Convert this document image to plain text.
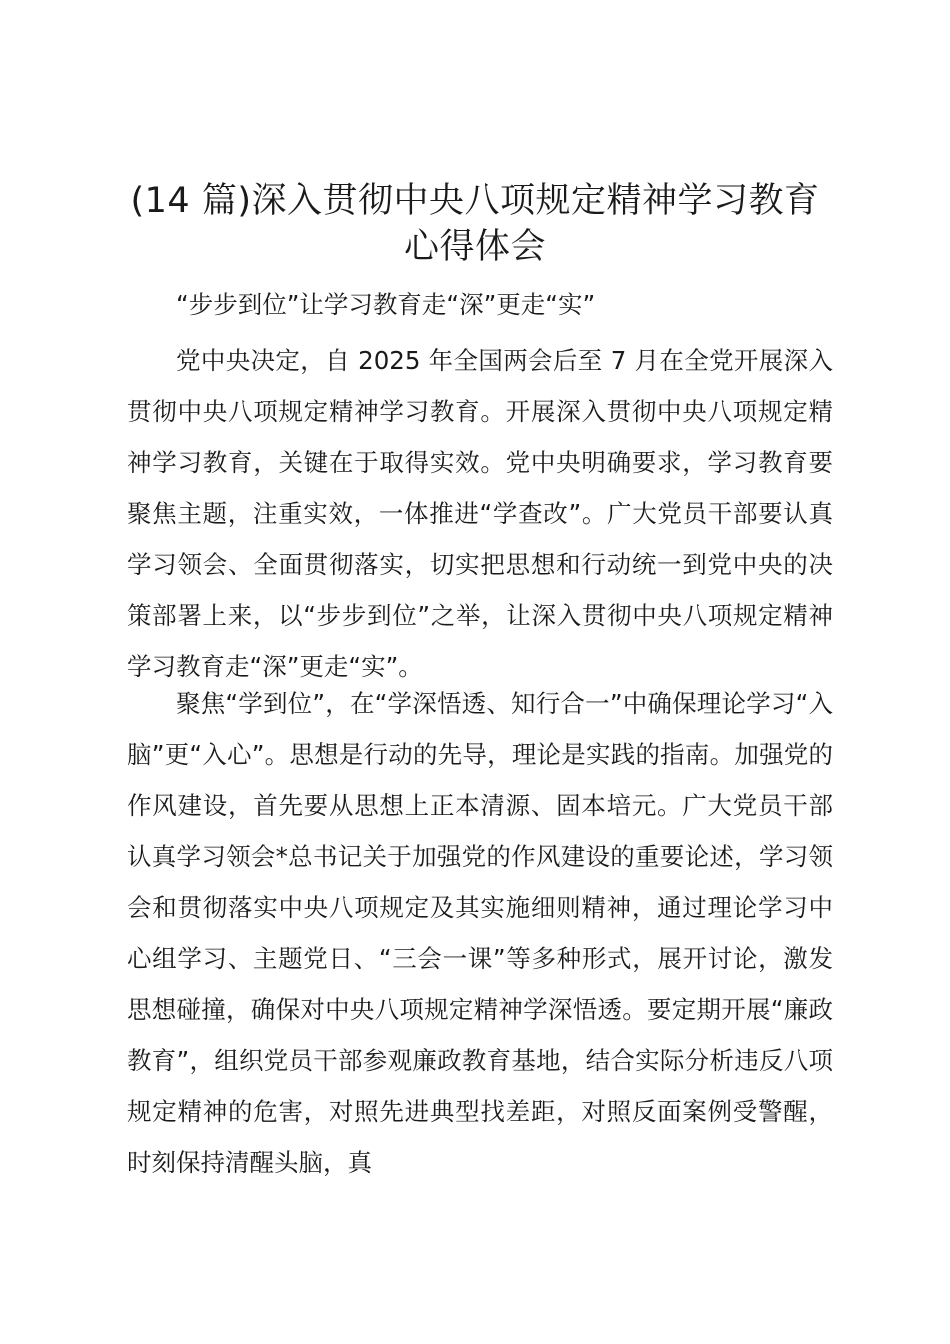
(14 篇)深入贯彻中央八项规定精神学习教育
心得体会
“步步到位”让学习教育走“深”更走“实”

党中央决定，自 2025 年全国两会后至 7 月在全党开展深入贯彻中央八项规定精神学习教育。开展深入贯彻中央八项规定精神学习教育，关键在于取得实效。党中央明确要求，学习教育要聚焦主题，注重实效，一体推进“学查改”。广大党员干部要认真学习领会、全面贯彻落实，切实把思想和行动统一到党中央的决策部署上来，以“步步到位”之举，让深入贯彻中央八项规定精神学习教育走“深”更走“实”。

聚焦“学到位”，在“学深悟透、知行合一”中确保理论学习“入脑”更“入心”。思想是行动的先导，理论是实践的指南。加强党的作风建设，首先要从思想上正本清源、固本培元。广大党员干部认真学习领会*总书记关于加强党的作风建设的重要论述，学习领会和贯彻落实中央八项规定及其实施细则精神，通过理论学习中心组学习、主题党日、“三会一课”等多种形式，展开讨论，激发思想碰撞，确保对中央八项规定精神学深悟透。要定期开展“廉政教育”，组织党员干部参观廉政教育基地，结合实际分析违反八项规定精神的危害，对照先进典型找差距，对照反面案例受警醒，时刻保持清醒头脑，真
